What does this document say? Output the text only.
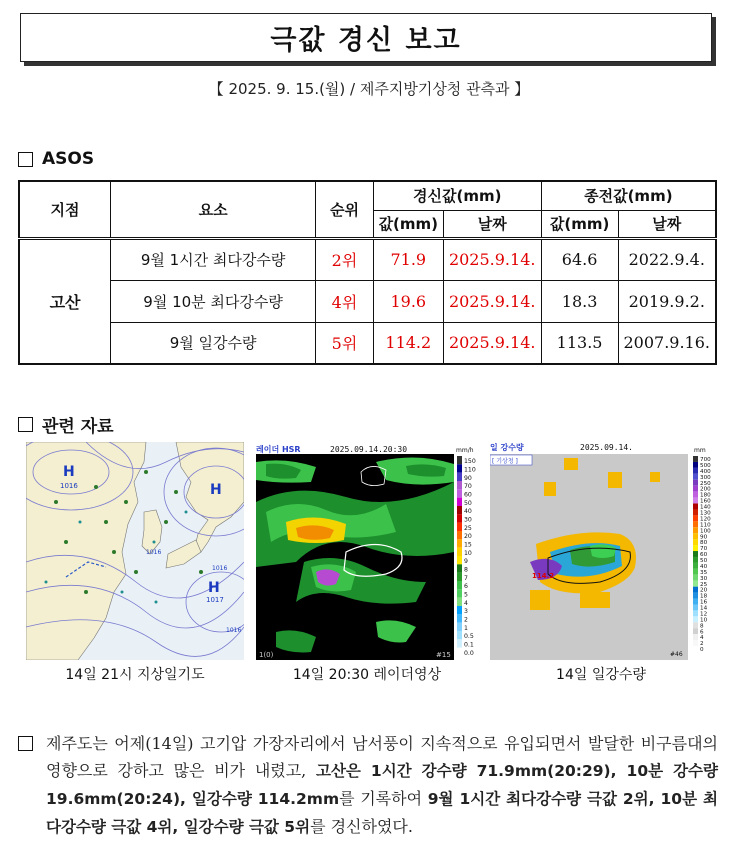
극값 경신 보고
【 2025. 9. 15.(월) / 제주지방기상청 관측과 】
ASOS
지점	요소	순위	경신값(mm)		종전값(mm)	
			값(mm)	날짜	값(mm)	날짜
고산	9월 1시간 최다강수량	2위	71.9	2025.9.14.	64.6	2022.9.4.
	9월 10분 최다강수량	4위	19.6	2025.9.14.	18.3	2019.9.2.
	9월 일강수량	5위	114.2	2025.9.14.	113.5	2007.9.16.
관련 자료
H
1016	H
H
1017
1016
1016
1016
14일 21시 지상일기도
레이더 HSR	2025.09.14.20:30	mm/h
1(0)	#15
150
110
90
70
60
50
40
30
25
20
15
10
9
8
7
6
5
4
3
2
1
0.5
0.1
0.0
14일 20:30 레이더영상
114.2
일 강수량
[ 기상청 ]
2025.09.14.	mm
#46
700
500
400
300
250
200
180
160
140
130
120
110
100
90
80
70
60
50
40
35
30
25
20
18
16
14
12
10
8
6
4
2
0
14일 일강수량
제주도는 어제(14일) 고기압 가장자리에서 남서풍이 지속적으로 유입되면서 발달한 비구름대의 영향으로 강하고 많은 비가 내렸고, 고산은 1시간 강수량 71.9mm(20:29), 10분 강수량 19.6mm(20:24), 일강수량 114.2mm를 기록하여 9월 1시간 최다강수량 극값 2위, 10분 최다강수량 극값 4위, 일강수량 극값 5위를 경신하였다.
